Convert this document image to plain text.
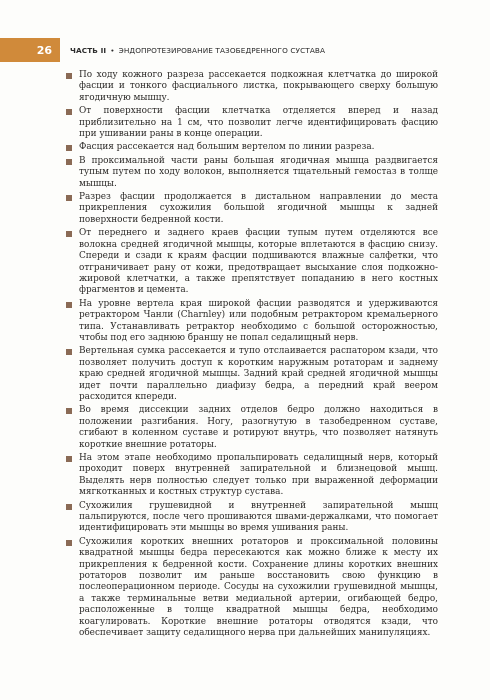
26	ЧАСТЬ II • ЭНДОПРОТЕЗИРОВАНИЕ ТАЗОБЕДРЕННОГО СУСТАВА
По ходу кожного разреза рассекается подкожная клетчатка до широкой фасции и тонкого фасциального листка, покрывающего сверху большую ягодичную мышцу.
От поверхности фасции клетчатка отделяется вперед и назад приблизительно на 1 см, что позволит легче идентифицировать фасцию при ушивании раны в конце операции.
Фасция рассекается над большим вертелом по линии разреза.
В проксимальной части раны большая ягодичная мышца раздвигается тупым путем по ходу волокон, выполняется тщательный гемостаз в толще мышцы.
Разрез фасции продолжается в дистальном направлении до места прикрепления сухожилия большой ягодичной мышцы к задней поверхности бедренной кости.
От переднего и заднего краев фасции тупым путем отделяются все волокна средней ягодичной мышцы, которые вплетаются в фасцию снизу. Спереди и сзади к краям фасции подшиваются влажные салфетки, что отграничивает рану от кожи, предотвращает высыхание слоя подкожно-жировой клетчатки, а также препятствует попаданию в него костных фрагментов и цемента.
На уровне вертела края широкой фасции разводятся и удерживаются ретрактором Чанли (Charnley) или подобным ретрактором кремальерного типа. Устанавливать ретрактор необходимо с большой осторожностью, чтобы под его заднюю браншу не попал седалищный нерв.
Вертельная сумка рассекается и тупо отслаивается распатором кзади, что позволяет получить доступ к коротким наружным ротаторам и заднему краю средней ягодичной мышцы. Задний край средней ягодичной мышцы идет почти параллельно диафизу бедра, а передний край веером расходится кпереди.
Во время диссекции задних отделов бедро должно находиться в положении разгибания. Ногу, разогнутую в тазобедренном суставе, сгибают в коленном суставе и ротируют внутрь, что позволяет натянуть короткие внешние ротаторы.
На этом этапе необходимо пропальпировать седалищный нерв, который проходит поверх внутренней запирательной и близнецовой мышц. Выделять нерв полностью следует только при выраженной деформации мягкотканных и костных структур сустава.
Сухожилия грушевидной и внутренней запирательной мышц пальпируются, после чего прошиваются швами-держалками, что помогает идентифицировать эти мышцы во время ушивания раны.
Сухожилия коротких внешних ротаторов и проксимальной половины квадратной мышцы бедра пересекаются как можно ближе к месту их прикрепления к бедренной кости. Сохранение длины коротких внешних ротаторов позволит им раньше восстановить свою функцию в послеоперационном периоде. Сосуды на сухожилии грушевидной мышцы, а также терминальные ветви медиальной артерии, огибающей бедро, расположенные в толще квадратной мышцы бедра, необходимо коагулировать. Короткие внешние ротаторы отводятся кзади, что обеспечивает защиту седалищного нерва при дальнейших манипуляциях.
